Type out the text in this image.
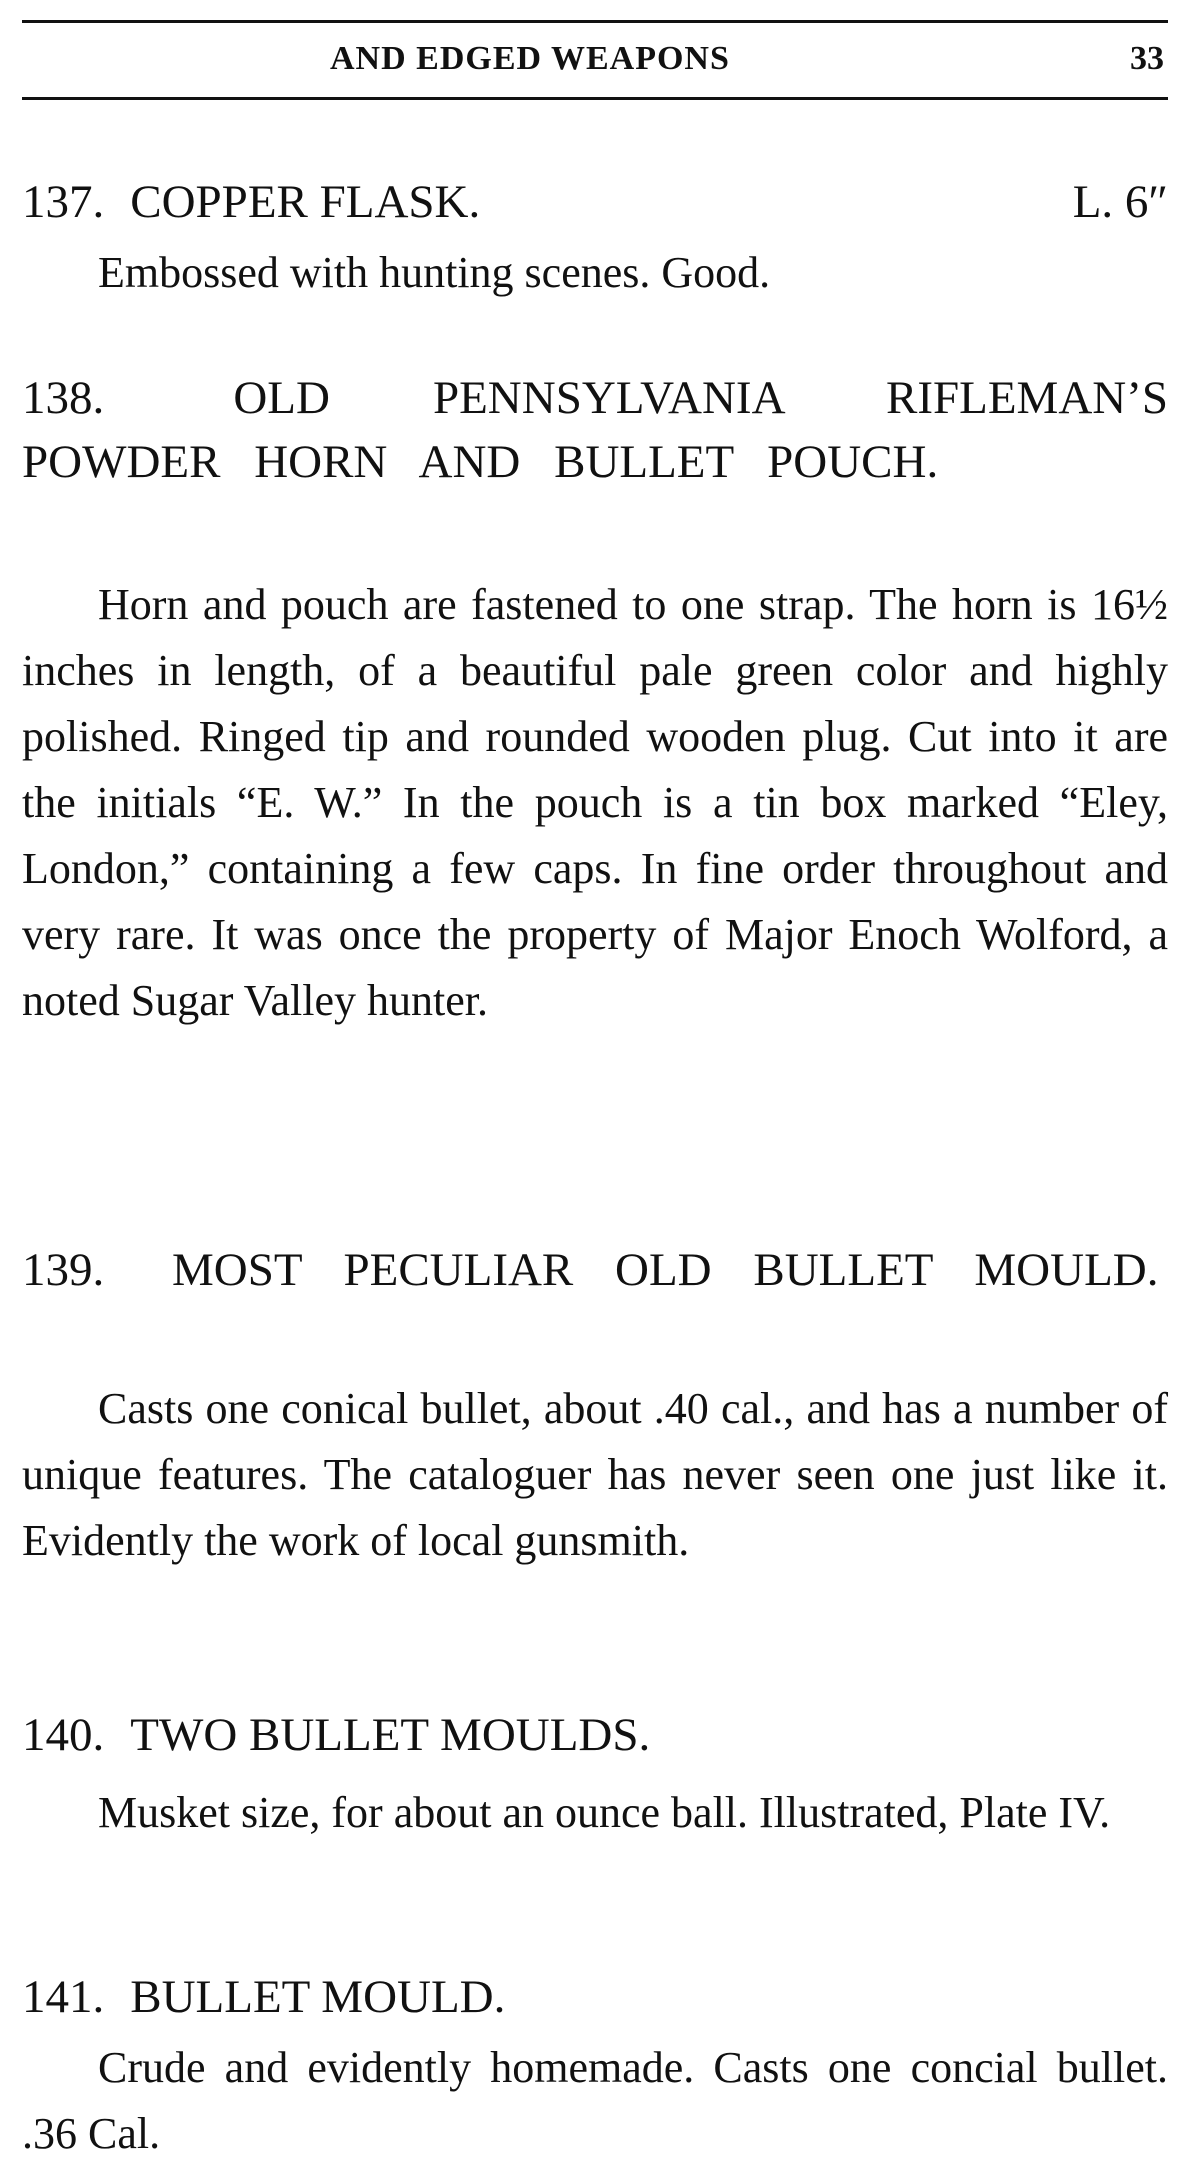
AND EDGED WEAPONS	33
137. COPPER FLASK.	L. 6″

Embossed with hunting scenes. Good.

138.	OLD PENNSYLVANIA RIFLEMAN’S POWDER HORN AND BULLET POUCH.

Horn and pouch are fastened to one strap. The horn is 16½ inches in length, of a beautiful pale green color and highly polished. Ringed tip and rounded wooden plug. Cut into it are the initials “E. W.” In the pouch is a tin box marked “Eley, London,” containing a few caps. In fine order throughout and very rare. It was once the property of Major Enoch Wolford, a noted Sugar Valley hunter.

139. MOST PECULIAR OLD BULLET MOULD.

Casts one conical bullet, about .40 cal., and has a number of unique features. The cataloguer has never seen one just like it. Evidently the work of local gunsmith.

140. TWO BULLET MOULDS.

Musket size, for about an ounce ball. Illustrated, Plate IV.

141. BULLET MOULD.

Crude and evidently homemade. Casts one concial bullet. .36 Cal.
